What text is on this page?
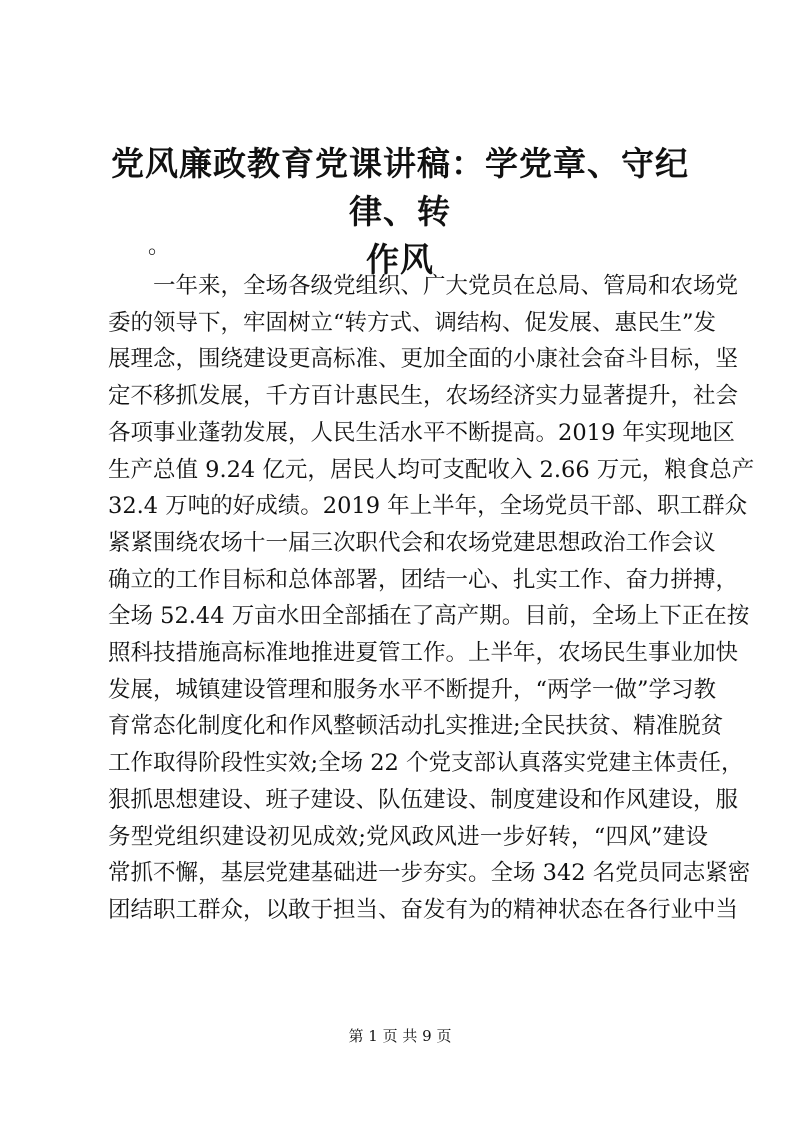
党风廉政教育党课讲稿：学党章、守纪律、转
作风
。
一年来，全场各级党组织、广大党员在总局、管局和农场党
委的领导下，牢固树立“转方式、调结构、促发展、惠民生”发
展理念，围绕建设更高标准、更加全面的小康社会奋斗目标，坚
定不移抓发展，千方百计惠民生，农场经济实力显著提升，社会
各项事业蓬勃发展，人民生活水平不断提高。2019 年实现地区
生产总值 9.24 亿元，居民人均可支配收入 2.66 万元，粮食总产
32.4 万吨的好成绩。2019 年上半年，全场党员干部、职工群众
紧紧围绕农场十一届三次职代会和农场党建思想政治工作会议
确立的工作目标和总体部署，团结一心、扎实工作、奋力拼搏，
全场 52.44 万亩水田全部插在了高产期。目前，全场上下正在按
照科技措施高标准地推进夏管工作。上半年，农场民生事业加快
发展，城镇建设管理和服务水平不断提升，“两学一做”学习教
育常态化制度化和作风整顿活动扎实推进;全民扶贫、精准脱贫
工作取得阶段性实效;全场 22 个党支部认真落实党建主体责任，
狠抓思想建设、班子建设、队伍建设、制度建设和作风建设，服
务型党组织建设初见成效;党风政风进一步好转，“四风”建设
常抓不懈，基层党建基础进一步夯实。全场 342 名党员同志紧密
团结职工群众，以敢于担当、奋发有为的精神状态在各行业中当
第 1 页 共 9 页
